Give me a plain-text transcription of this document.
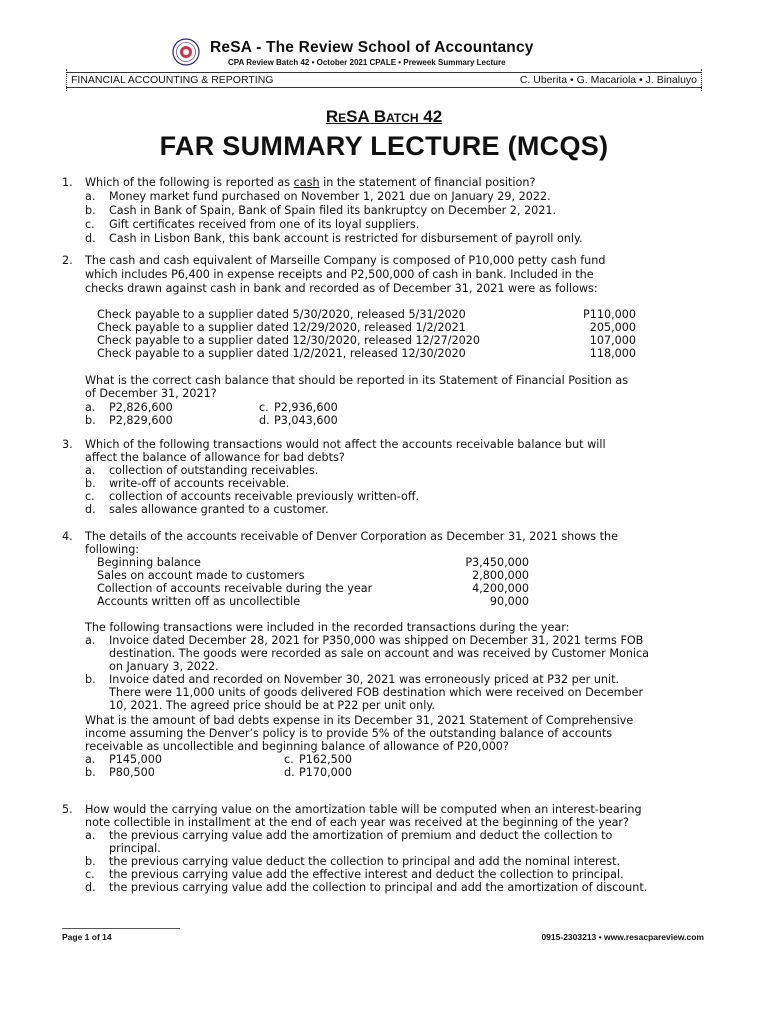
ReSA - The Review School of Accountancy
CPA Review Batch 42 • October 2021 CPALE • Preweek Summary Lecture
FINANCIAL ACCOUNTING & REPORTING	C. Uberita • G. Macariola • J. Binaluyo
ReSA Batch 42
FAR SUMMARY LECTURE (MCQS)
1. Which of the following is reported as cash in the statement of financial position?
a. Money market fund purchased on November 1, 2021 due on January 29, 2022.
b. Cash in Bank of Spain, Bank of Spain filed its bankruptcy on December 2, 2021.
c. Gift certificates received from one of its loyal suppliers.
d. Cash in Lisbon Bank, this bank account is restricted for disbursement of payroll only.
2. The cash and cash equivalent of Marseille Company is composed of P10,000 petty cash fund
which includes P6,400 in expense receipts and P2,500,000 of cash in bank. Included in the
checks drawn against cash in bank and recorded as of December 31, 2021 were as follows:
Check payable to a supplier dated 5/30/2020, released 5/31/2020	P110,000
Check payable to a supplier dated 12/29/2020, released 1/2/2021	205,000
Check payable to a supplier dated 12/30/2020, released 12/27/2020	107,000
Check payable to a supplier dated 1/2/2021, released 12/30/2020	118,000
What is the correct cash balance that should be reported in its Statement of Financial Position as
of December 31, 2021?
a. P2,826,600	c. P2,936,600
b. P2,829,600	d. P3,043,600
3. Which of the following transactions would not affect the accounts receivable balance but will
affect the balance of allowance for bad debts?
a. collection of outstanding receivables.
b. write-off of accounts receivable.
c. collection of accounts receivable previously written-off.
d. sales allowance granted to a customer.
4. The details of the accounts receivable of Denver Corporation as December 31, 2021 shows the
following:
Beginning balance	P3,450,000
Sales on account made to customers	2,800,000
Collection of accounts receivable during the year	4,200,000
Accounts written off as uncollectible	90,000
The following transactions were included in the recorded transactions during the year:
a. Invoice dated December 28, 2021 for P350,000 was shipped on December 31, 2021 terms FOB
destination. The goods were recorded as sale on account and was received by Customer Monica
on January 3, 2022.
b. Invoice dated and recorded on November 30, 2021 was erroneously priced at P32 per unit.
There were 11,000 units of goods delivered FOB destination which were received on December
10, 2021. The agreed price should be at P22 per unit only.
What is the amount of bad debts expense in its December 31, 2021 Statement of Comprehensive
income assuming the Denver’s policy is to provide 5% of the outstanding balance of accounts
receivable as uncollectible and beginning balance of allowance of P20,000?
a. P145,000	c. P162,500
b. P80,500	d. P170,000
5. How would the carrying value on the amortization table will be computed when an interest-bearing
note collectible in installment at the end of each year was received at the beginning of the year?
a. the previous carrying value add the amortization of premium and deduct the collection to
principal.
b. the previous carrying value deduct the collection to principal and add the nominal interest.
c. the previous carrying value add the effective interest and deduct the collection to principal.
d. the previous carrying value add the collection to principal and add the amortization of discount.
Page 1 of 14	0915-2303213 • www.resacpareview.com
